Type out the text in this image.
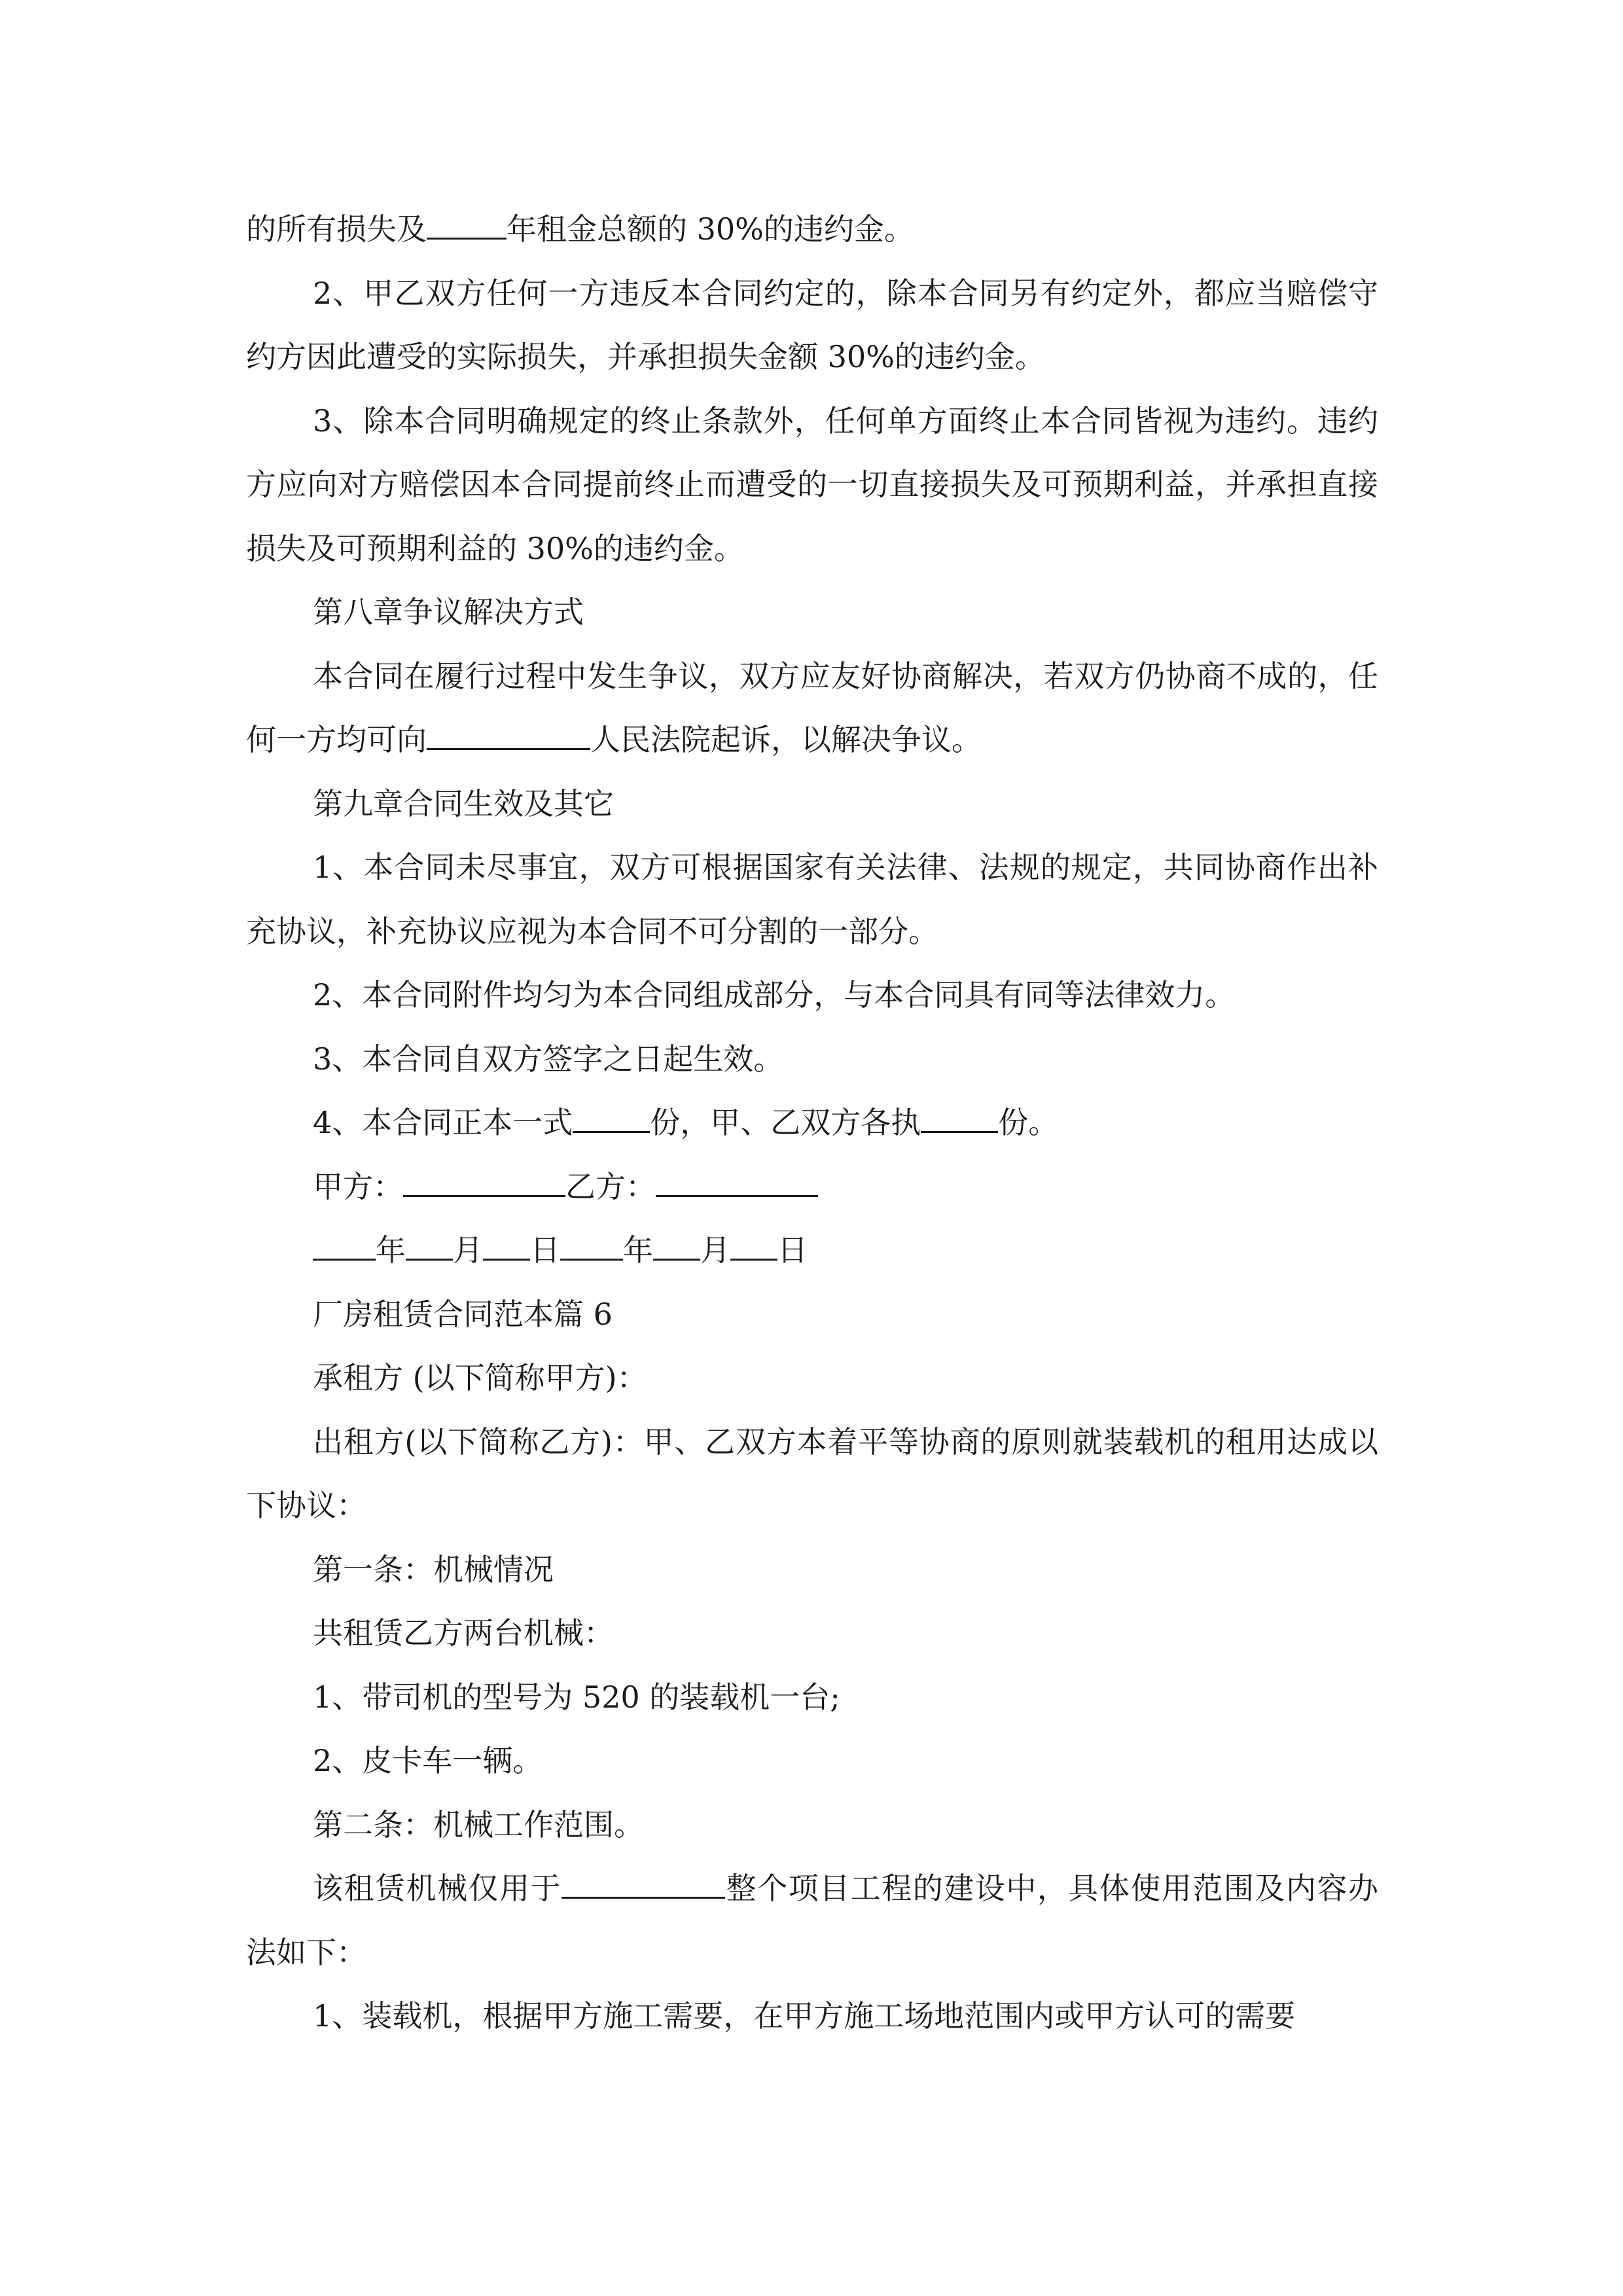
的所有损失及	年租金总额的 30%的违约金。

2、甲乙双方任何一方违反本合同约定的，除本合同另有约定外，都应当赔偿守约方因此遭受的实际损失，并承担损失金额 30%的违约金。

3、除本合同明确规定的终止条款外，任何单方面终止本合同皆视为违约。违约方应向对方赔偿因本合同提前终止而遭受的一切直接损失及可预期利益，并承担直接损失及可预期利益的 30%的违约金。

第八章争议解决方式

本合同在履行过程中发生争议，双方应友好协商解决，若双方仍协商不成的，任何一方均可向	人民法院起诉，以解决争议。

第九章合同生效及其它

1、本合同未尽事宜，双方可根据国家有关法律、法规的规定，共同协商作出补充协议，补充协议应视为本合同不可分割的一部分。

2、本合同附件均匀为本合同组成部分，与本合同具有同等法律效力。

3、本合同自双方签字之日起生效。

4、本合同正本一式	份，甲、乙双方各执	份。

甲方：	乙方：

年 月 日 年 月 日

厂房租赁合同范本篇 6

承租方 (以下简称甲方)：

出租方(以下简称乙方)：甲、乙双方本着平等协商的原则就装载机的租用达成以下协议：

第一条：机械情况

共租赁乙方两台机械：

1、带司机的型号为 520 的装载机一台;

2、皮卡车一辆。

第二条：机械工作范围。

该租赁机械仅用于	整个项目工程的建设中，具体使用范围及内容办法如下：

1、装载机，根据甲方施工需要，在甲方施工场地范围内或甲方认可的需要
